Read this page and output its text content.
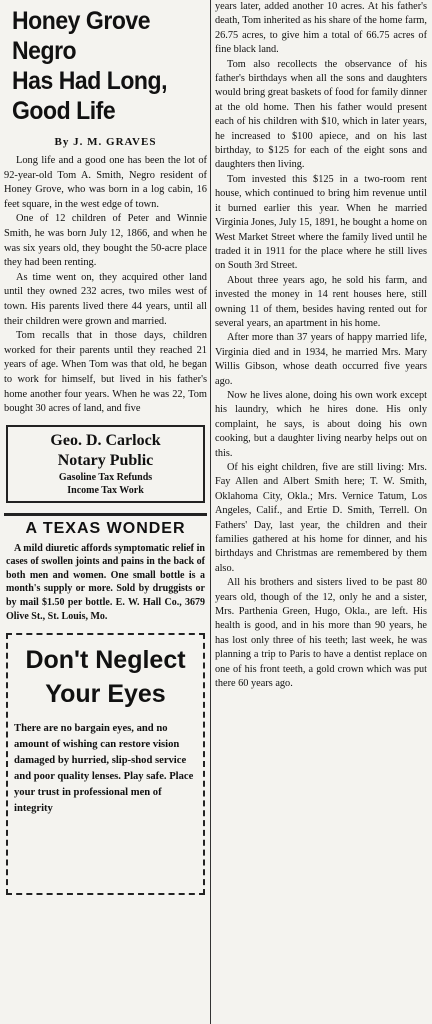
Honey Grove Negro
Has Had Long,
Good Life
By J. M. GRAVES

Long life and a good one has been the lot of 92-year-old Tom A. Smith, Negro resident of Honey Grove, who was born in a log cabin, 16 feet square, in the west edge of town.

One of 12 children of Peter and Winnie Smith, he was born July 12, 1866, and when he was six years old, they bought the 50-acre place they had been renting.

As time went on, they acquired other land until they owned 232 acres, two miles west of town. His parents lived there 44 years, until all their children were grown and married.

Tom recalls that in those days, children worked for their parents until they reached 21 years of age. When Tom was that old, he began to work for himself, but lived in his father's home another four years. When he was 22, Tom bought 30 acres of land, and five

Geo. D. Carlock
Notary Public
Gasoline Tax Refunds
Income Tax Work
A TEXAS WONDER
A mild diuretic affords symptomatic relief in cases of swollen joints and pains in the back of both men and women. One small bottle is a month's supply or more. Sold by druggists or by mail $1.50 per bottle. E. W. Hall Co., 3679 Olive St., St. Louis, Mo.
Don't Neglect
Your Eyes
There are no bargain eyes, and no amount of wishing can restore vision damaged by hurried, slip-shod service and poor quality lenses. Play safe. Place your trust in professional men of integrity

years later, added another 10 acres. At his father's death, Tom inherited as his share of the home farm, 26.75 acres, to give him a total of 66.75 acres of fine black land.

Tom also recollects the observance of his father's birthdays when all the sons and daughters would bring great baskets of food for family dinner at the old home. Then his father would present each of his children with $10, which in later years, he increased to $100 apiece, and on his last birthday, to $125 for each of the eight sons and daughters then living.

Tom invested this $125 in a two-room rent house, which continued to bring him revenue until it burned earlier this year. When he married Virginia Jones, July 15, 1891, he bought a home on West Market Street where the family lived until he traded it in 1911 for the place where he still lives on South 3rd Street.

About three years ago, he sold his farm, and invested the money in 14 rent houses here, still owning 11 of them, besides having rented out for several years, an apartment in his home.

After more than 37 years of happy married life, Virginia died and in 1934, he married Mrs. Mary Willis Gibson, whose death occurred five years ago.

Now he lives alone, doing his own work except his laundry, which he hires done. His only complaint, he says, is about doing his own cooking, but a daughter living nearby helps out on this.

Of his eight children, five are still living: Mrs. Fay Allen and Albert Smith here; T. W. Smith, Oklahoma City, Okla.; Mrs. Vernice Tatum, Los Angeles, Calif., and Ertie D. Smith, Terrell. On Fathers' Day, last year, the children and their families gathered at his home for dinner, and his birthdays and Christmas are remembered by them also.

All his brothers and sisters lived to be past 80 years old, though of the 12, only he and a sister, Mrs. Parthenia Green, Hugo, Okla., are left. His health is good, and in his more than 90 years, he has lost only three of his teeth; last week, he was planning a trip to Paris to have a dentist replace on one of his front teeth, a gold crown which was put there 60 years ago.
